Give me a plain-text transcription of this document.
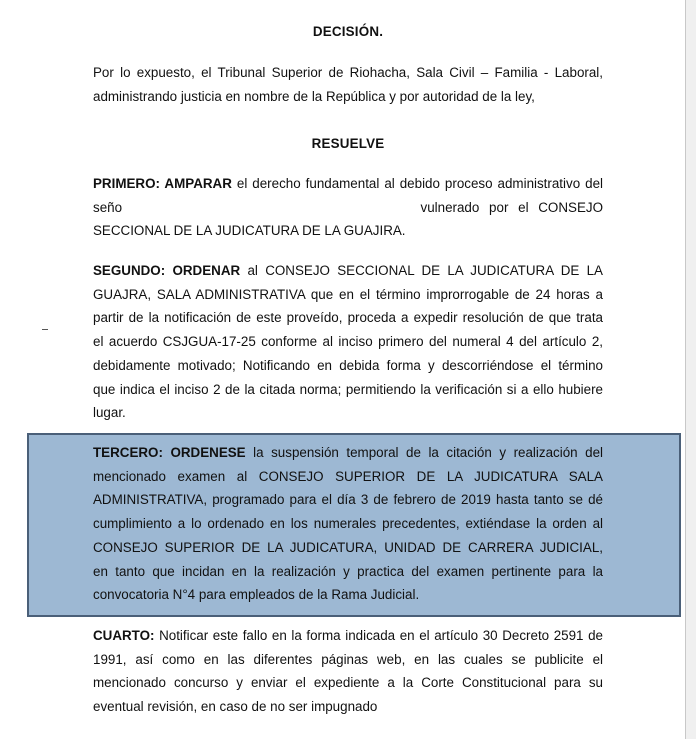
DECISIÓN.
Por lo expuesto, el Tribunal Superior de Riohacha, Sala Civil – Familia - Laboral,
administrando justicia en nombre de la República y por autoridad de la ley,
RESUELVE
PRIMERO: AMPARAR el derecho fundamental al debido proceso administrativo del
seño	vulnerado por el CONSEJO
SECCIONAL DE LA JUDICATURA DE LA GUAJIRA.
SEGUNDO: ORDENAR al CONSEJO SECCIONAL DE LA JUDICATURA DE LA
GUAJRA, SALA ADMINISTRATIVA que en el término improrrogable de 24 horas a
partir de la notificación de este proveído, proceda a expedir resolución de que trata
el acuerdo CSJGUA-17-25 conforme al inciso primero del numeral 4 del artículo 2,
debidamente motivado; Notificando en debida forma y descorriéndose el término
que indica el inciso 2 de la citada norma; permitiendo la verificación si a ello hubiere
lugar.
TERCERO: ORDENESE la suspensión temporal de la citación y realización del
mencionado examen al CONSEJO SUPERIOR DE LA JUDICATURA SALA
ADMINISTRATIVA, programado para el día 3 de febrero de 2019 hasta tanto se dé
cumplimiento a lo ordenado en los numerales precedentes, extiéndase la orden al
CONSEJO SUPERIOR DE LA JUDICATURA, UNIDAD DE CARRERA JUDICIAL,
en tanto que incidan en la realización y practica del examen pertinente para la
convocatoria N°4 para empleados de la Rama Judicial.
CUARTO: Notificar este fallo en la forma indicada en el artículo 30 Decreto 2591 de
1991, así como en las diferentes páginas web, en las cuales se publicite el
mencionado concurso y enviar el expediente a la Corte Constitucional para su
eventual revisión, en caso de no ser impugnado
